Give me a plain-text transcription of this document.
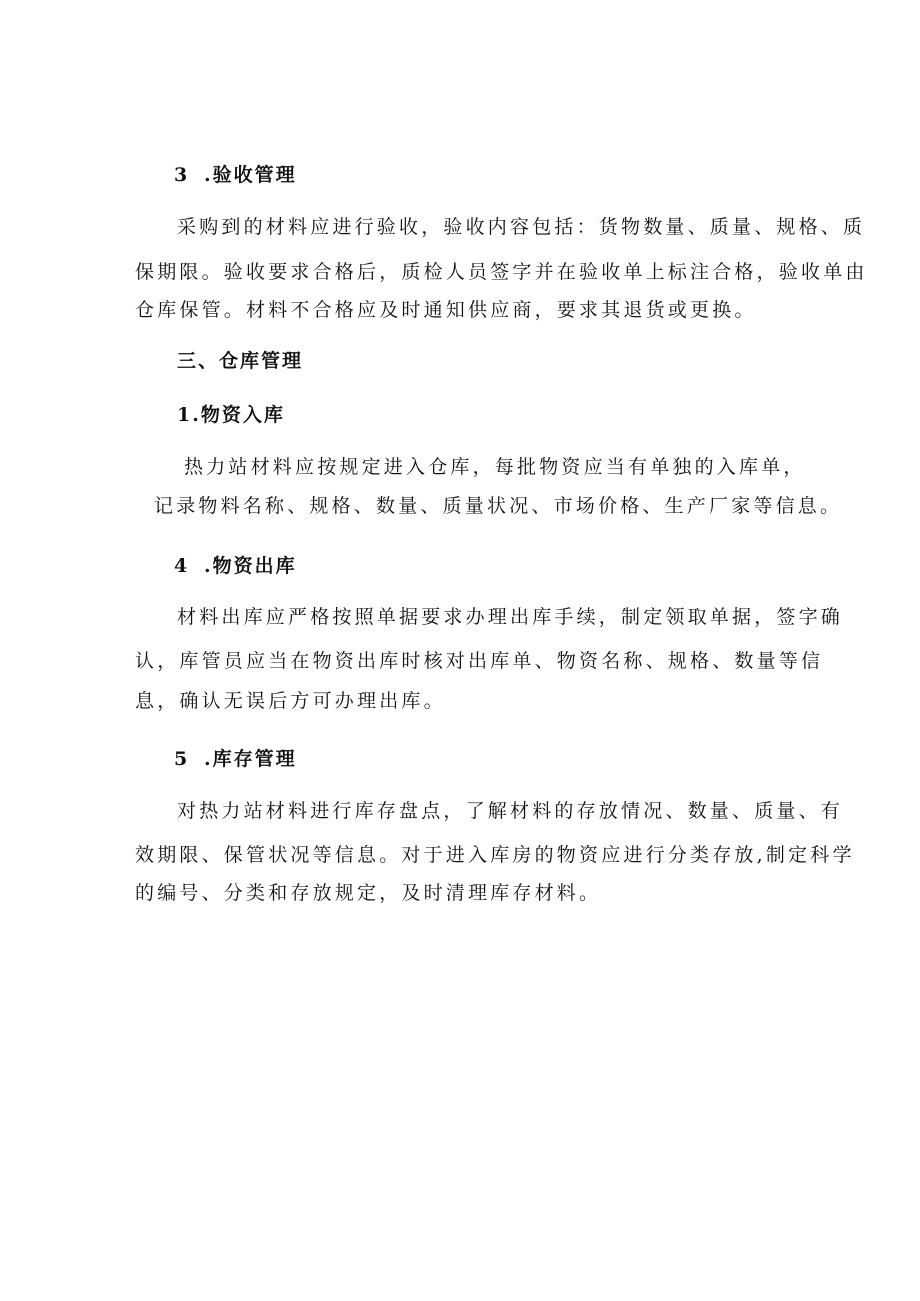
3 .验收管理
采购到的材料应进行验收，验收内容包括：货物数量、质量、规格、质
保期限。验收要求合格后，质检人员签字并在验收单上标注合格，验收单由
仓库保管。材料不合格应及时通知供应商，要求其退货或更换。
三、仓库管理
1.物资入库
热力站材料应按规定进入仓库，每批物资应当有单独的入库单，
记录物料名称、规格、数量、质量状况、市场价格、生产厂家等信息。
4 .物资出库
材料出库应严格按照单据要求办理出库手续，制定领取单据，签字确
认，库管员应当在物资出库时核对出库单、物资名称、规格、数量等信
息，确认无误后方可办理出库。
5 .库存管理
对热力站材料进行库存盘点，了解材料的存放情况、数量、质量、有
效期限、保管状况等信息。对于进入库房的物资应进行分类存放,制定科学
的编号、分类和存放规定，及时清理库存材料。
